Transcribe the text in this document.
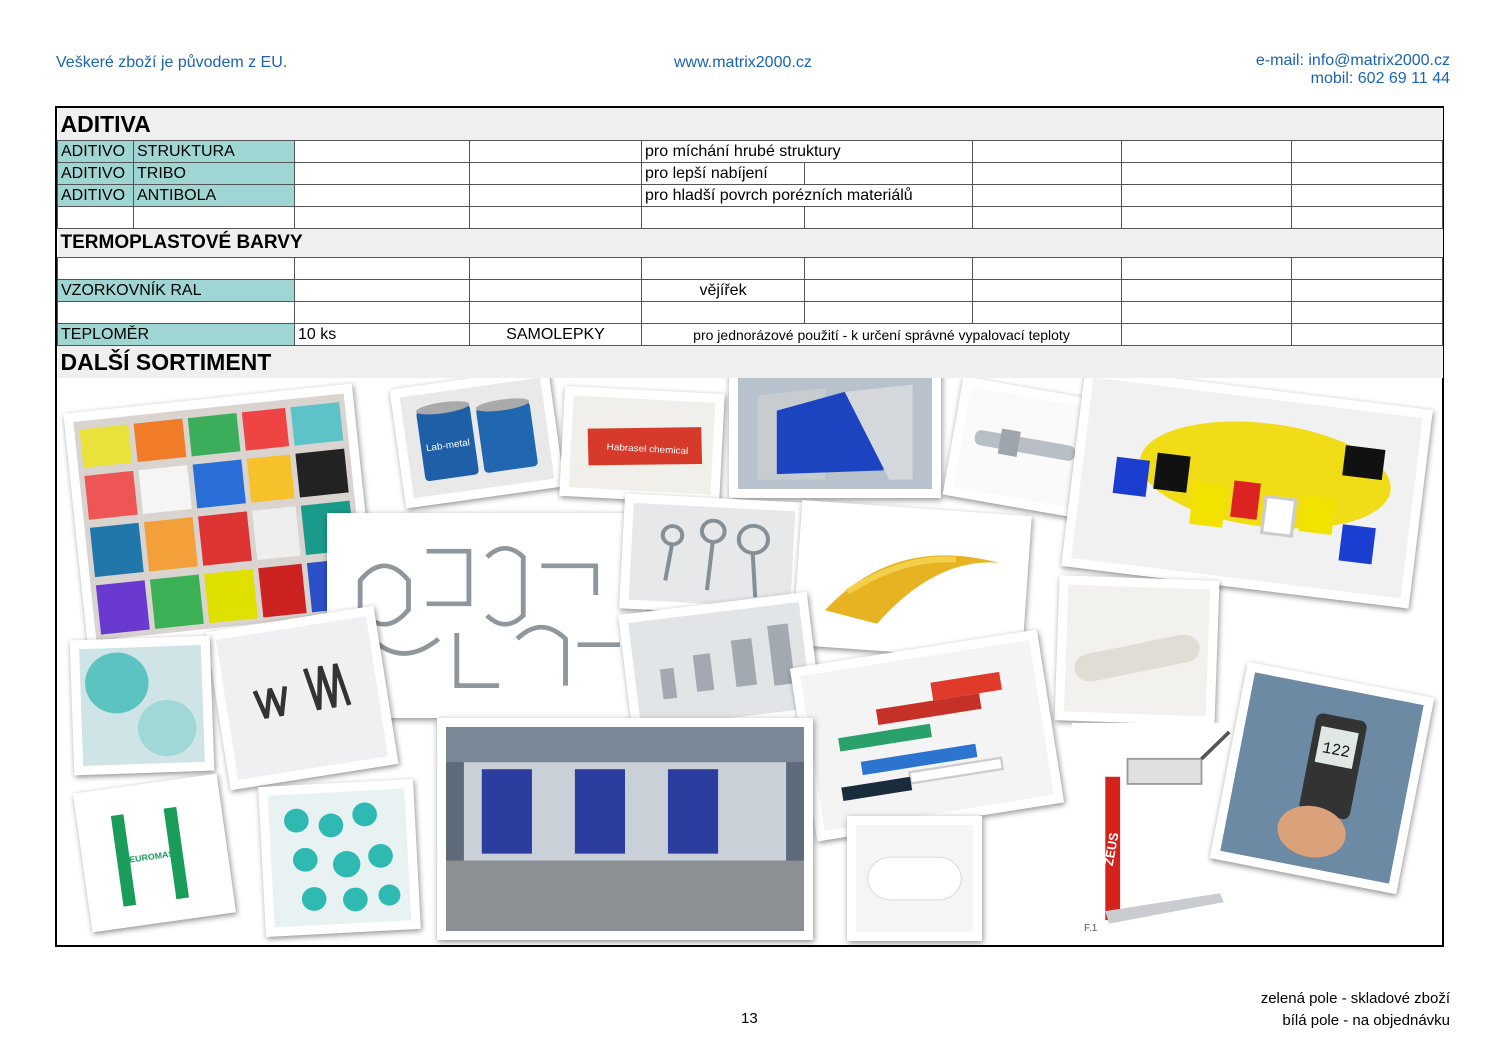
Veškeré zboží je původem z EU.	www.matrix2000.cz	e-mail: info@matrix2000.cz
mobil: 602 69 11 44
ADITIVA								
ADITIVO	STRUKTURA			pro míchání hrubé struktury				
ADITIVO	TRIBO			pro lepší nabíjení				
ADITIVO	ANTIBOLA			pro hladší povrch porézních materiálů				

TERMOPLASTOVÉ BARVY								

VZORKOVNÍK RAL				vějířek				

TEPLOMĚR		10 ks	SAMOLEPKY	pro jednorázové použití - k určení správné vypalovací teploty				
DALŠÍ SORTIMENT								
Lab-metal	Habrasel chemical
EUROMASK	ZEUS
F.1
122
13
zelená pole - skladové zboží
bílá pole - na objednávku
